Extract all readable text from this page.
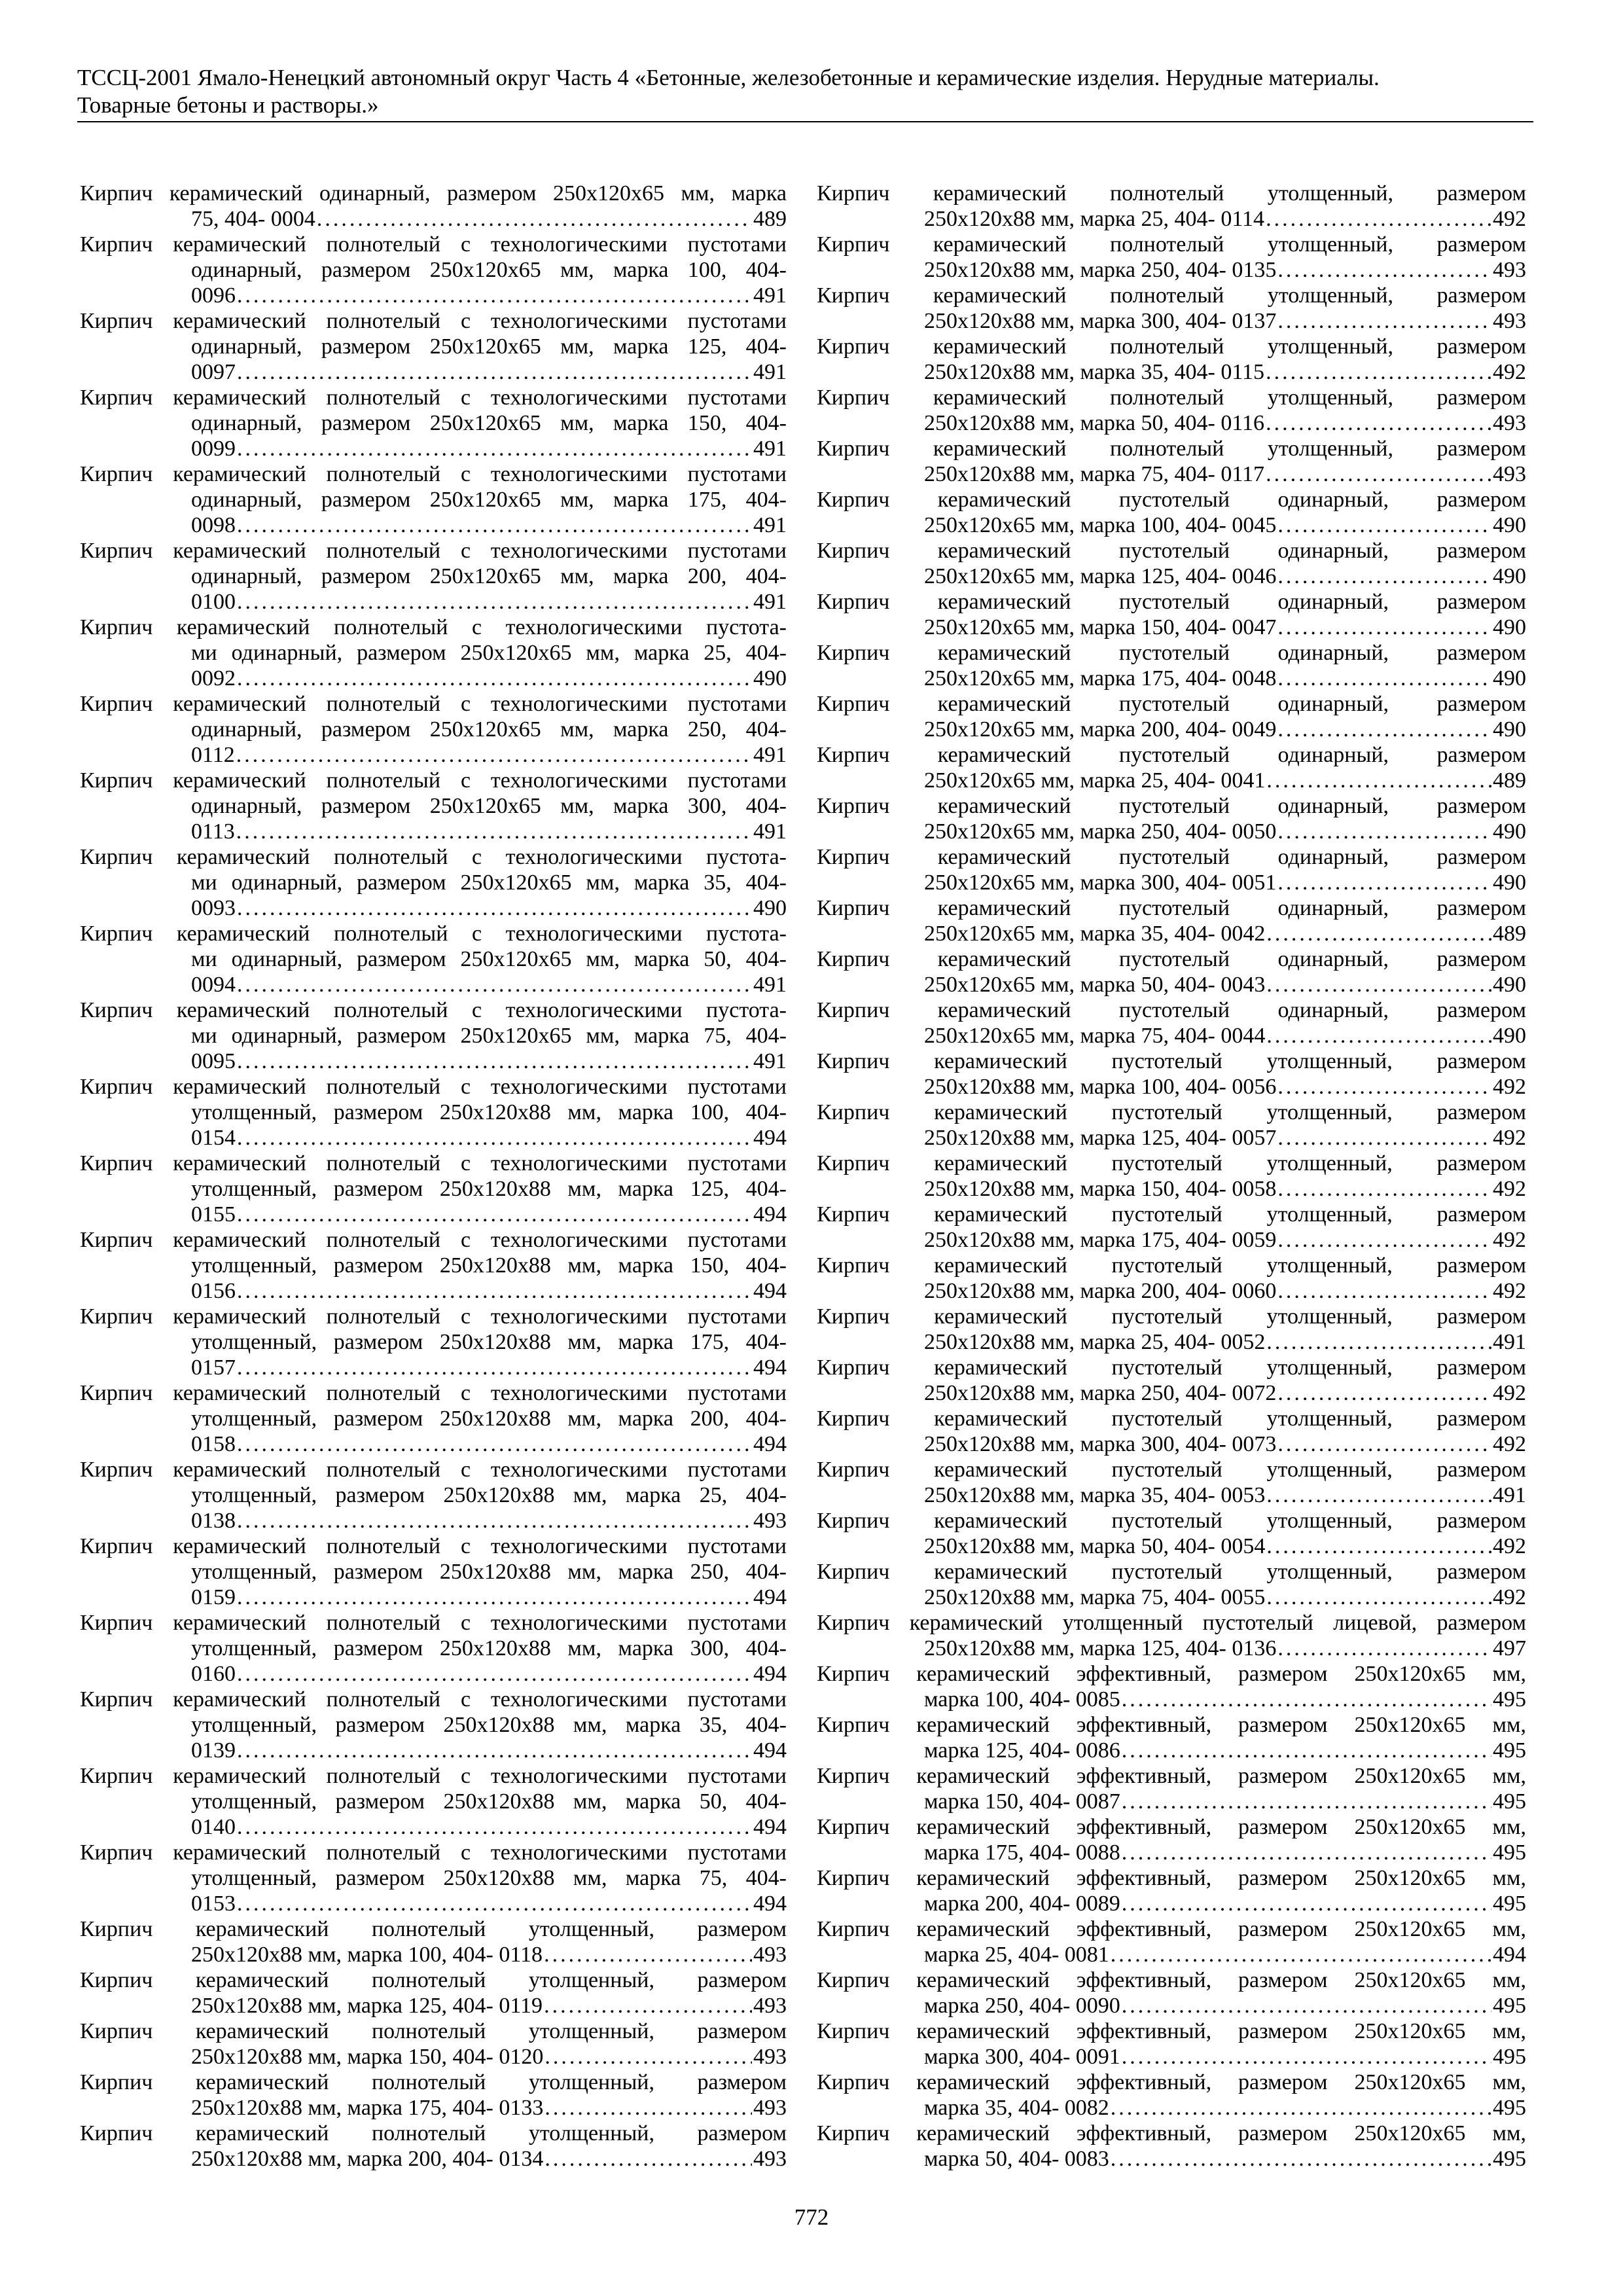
ТССЦ-2001 Ямало-Ненецкий автономный округ Часть 4 «Бетонные, железобетонные и керамические изделия. Нерудные материалы.
Товарные бетоны и растворы.»
Кирпич керамический одинарный, размером 250х120х65 мм, марка
75, 404- 0004 .....	489
Кирпич керамический полнотелый с технологическими пустотами
одинарный, размером 250х120х65 мм, марка 100, 404-
0096 .....	491
Кирпич керамический полнотелый с технологическими пустотами
одинарный, размером 250х120х65 мм, марка 125, 404-
0097 .....	491
Кирпич керамический полнотелый с технологическими пустотами
одинарный, размером 250х120х65 мм, марка 150, 404-
0099 .....	491
Кирпич керамический полнотелый с технологическими пустотами
одинарный, размером 250х120х65 мм, марка 175, 404-
0098 .....	491
Кирпич керамический полнотелый с технологическими пустотами
одинарный, размером 250х120х65 мм, марка 200, 404-
0100 .....	491
Кирпич керамический полнотелый с технологическими пустота-
ми одинарный, размером 250х120х65 мм, марка 25, 404-
0092 .....	490
Кирпич керамический полнотелый с технологическими пустотами
одинарный, размером 250х120х65 мм, марка 250, 404-
0112 .....	491
Кирпич керамический полнотелый с технологическими пустотами
одинарный, размером 250х120х65 мм, марка 300, 404-
0113 .....	491
Кирпич керамический полнотелый с технологическими пустота-
ми одинарный, размером 250х120х65 мм, марка 35, 404-
0093 .....	490
Кирпич керамический полнотелый с технологическими пустота-
ми одинарный, размером 250х120х65 мм, марка 50, 404-
0094 .....	491
Кирпич керамический полнотелый с технологическими пустота-
ми одинарный, размером 250х120х65 мм, марка 75, 404-
0095 .....	491
Кирпич керамический полнотелый с технологическими пустотами
утолщенный, размером 250х120х88 мм, марка 100, 404-
0154 .....	494
Кирпич керамический полнотелый с технологическими пустотами
утолщенный, размером 250х120х88 мм, марка 125, 404-
0155 .....	494
Кирпич керамический полнотелый с технологическими пустотами
утолщенный, размером 250х120х88 мм, марка 150, 404-
0156 .....	494
Кирпич керамический полнотелый с технологическими пустотами
утолщенный, размером 250х120х88 мм, марка 175, 404-
0157 .....	494
Кирпич керамический полнотелый с технологическими пустотами
утолщенный, размером 250х120х88 мм, марка 200, 404-
0158 .....	494
Кирпич керамический полнотелый с технологическими пустотами
утолщенный, размером 250х120х88 мм, марка 25, 404-
0138 .....	493
Кирпич керамический полнотелый с технологическими пустотами
утолщенный, размером 250х120х88 мм, марка 250, 404-
0159 .....	494
Кирпич керамический полнотелый с технологическими пустотами
утолщенный, размером 250х120х88 мм, марка 300, 404-
0160 .....	494
Кирпич керамический полнотелый с технологическими пустотами
утолщенный, размером 250х120х88 мм, марка 35, 404-
0139 .....	494
Кирпич керамический полнотелый с технологическими пустотами
утолщенный, размером 250х120х88 мм, марка 50, 404-
0140 .....	494
Кирпич керамический полнотелый с технологическими пустотами
утолщенный, размером 250х120х88 мм, марка 75, 404-
0153 .....	494
Кирпич керамический полнотелый утолщенный, размером
250х120х88 мм, марка 100, 404- 0118 .....	493
Кирпич керамический полнотелый утолщенный, размером
250х120х88 мм, марка 125, 404- 0119 .....	493
Кирпич керамический полнотелый утолщенный, размером
250х120х88 мм, марка 150, 404- 0120 .....	493
Кирпич керамический полнотелый утолщенный, размером
250х120х88 мм, марка 175, 404- 0133 .....	493
Кирпич керамический полнотелый утолщенный, размером
250х120х88 мм, марка 200, 404- 0134 .....	493
Кирпич керамический полнотелый утолщенный, размером
250х120х88 мм, марка 25, 404- 0114 .....	492
Кирпич керамический полнотелый утолщенный, размером
250х120х88 мм, марка 250, 404- 0135 .....	493
Кирпич керамический полнотелый утолщенный, размером
250х120х88 мм, марка 300, 404- 0137 .....	493
Кирпич керамический полнотелый утолщенный, размером
250х120х88 мм, марка 35, 404- 0115 .....	492
Кирпич керамический полнотелый утолщенный, размером
250х120х88 мм, марка 50, 404- 0116 .....	493
Кирпич керамический полнотелый утолщенный, размером
250х120х88 мм, марка 75, 404- 0117 .....	493
Кирпич керамический пустотелый одинарный, размером
250х120х65 мм, марка 100, 404- 0045 .....	490
Кирпич керамический пустотелый одинарный, размером
250х120х65 мм, марка 125, 404- 0046 .....	490
Кирпич керамический пустотелый одинарный, размером
250х120х65 мм, марка 150, 404- 0047 .....	490
Кирпич керамический пустотелый одинарный, размером
250х120х65 мм, марка 175, 404- 0048 .....	490
Кирпич керамический пустотелый одинарный, размером
250х120х65 мм, марка 200, 404- 0049 .....	490
Кирпич керамический пустотелый одинарный, размером
250х120х65 мм, марка 25, 404- 0041 .....	489
Кирпич керамический пустотелый одинарный, размером
250х120х65 мм, марка 250, 404- 0050 .....	490
Кирпич керамический пустотелый одинарный, размером
250х120х65 мм, марка 300, 404- 0051 .....	490
Кирпич керамический пустотелый одинарный, размером
250х120х65 мм, марка 35, 404- 0042 .....	489
Кирпич керамический пустотелый одинарный, размером
250х120х65 мм, марка 50, 404- 0043 .....	490
Кирпич керамический пустотелый одинарный, размером
250х120х65 мм, марка 75, 404- 0044 .....	490
Кирпич керамический пустотелый утолщенный, размером
250х120х88 мм, марка 100, 404- 0056 .....	492
Кирпич керамический пустотелый утолщенный, размером
250х120х88 мм, марка 125, 404- 0057 .....	492
Кирпич керамический пустотелый утолщенный, размером
250х120х88 мм, марка 150, 404- 0058 .....	492
Кирпич керамический пустотелый утолщенный, размером
250х120х88 мм, марка 175, 404- 0059 .....	492
Кирпич керамический пустотелый утолщенный, размером
250х120х88 мм, марка 200, 404- 0060 .....	492
Кирпич керамический пустотелый утолщенный, размером
250х120х88 мм, марка 25, 404- 0052 .....	491
Кирпич керамический пустотелый утолщенный, размером
250х120х88 мм, марка 250, 404- 0072 .....	492
Кирпич керамический пустотелый утолщенный, размером
250х120х88 мм, марка 300, 404- 0073 .....	492
Кирпич керамический пустотелый утолщенный, размером
250х120х88 мм, марка 35, 404- 0053 .....	491
Кирпич керамический пустотелый утолщенный, размером
250х120х88 мм, марка 50, 404- 0054 .....	492
Кирпич керамический пустотелый утолщенный, размером
250х120х88 мм, марка 75, 404- 0055 .....	492
Кирпич керамический утолщенный пустотелый лицевой, размером
250х120х88 мм, марка 125, 404- 0136 .....	497
Кирпич керамический эффективный, размером 250х120х65 мм,
марка 100, 404- 0085 .....	495
Кирпич керамический эффективный, размером 250х120х65 мм,
марка 125, 404- 0086 .....	495
Кирпич керамический эффективный, размером 250х120х65 мм,
марка 150, 404- 0087 .....	495
Кирпич керамический эффективный, размером 250х120х65 мм,
марка 175, 404- 0088 .....	495
Кирпич керамический эффективный, размером 250х120х65 мм,
марка 200, 404- 0089 .....	495
Кирпич керамический эффективный, размером 250х120х65 мм,
марка 25, 404- 0081 .....	494
Кирпич керамический эффективный, размером 250х120х65 мм,
марка 250, 404- 0090 .....	495
Кирпич керамический эффективный, размером 250х120х65 мм,
марка 300, 404- 0091 .....	495
Кирпич керамический эффективный, размером 250х120х65 мм,
марка 35, 404- 0082 .....	495
Кирпич керамический эффективный, размером 250х120х65 мм,
марка 50, 404- 0083 .....	495
772
